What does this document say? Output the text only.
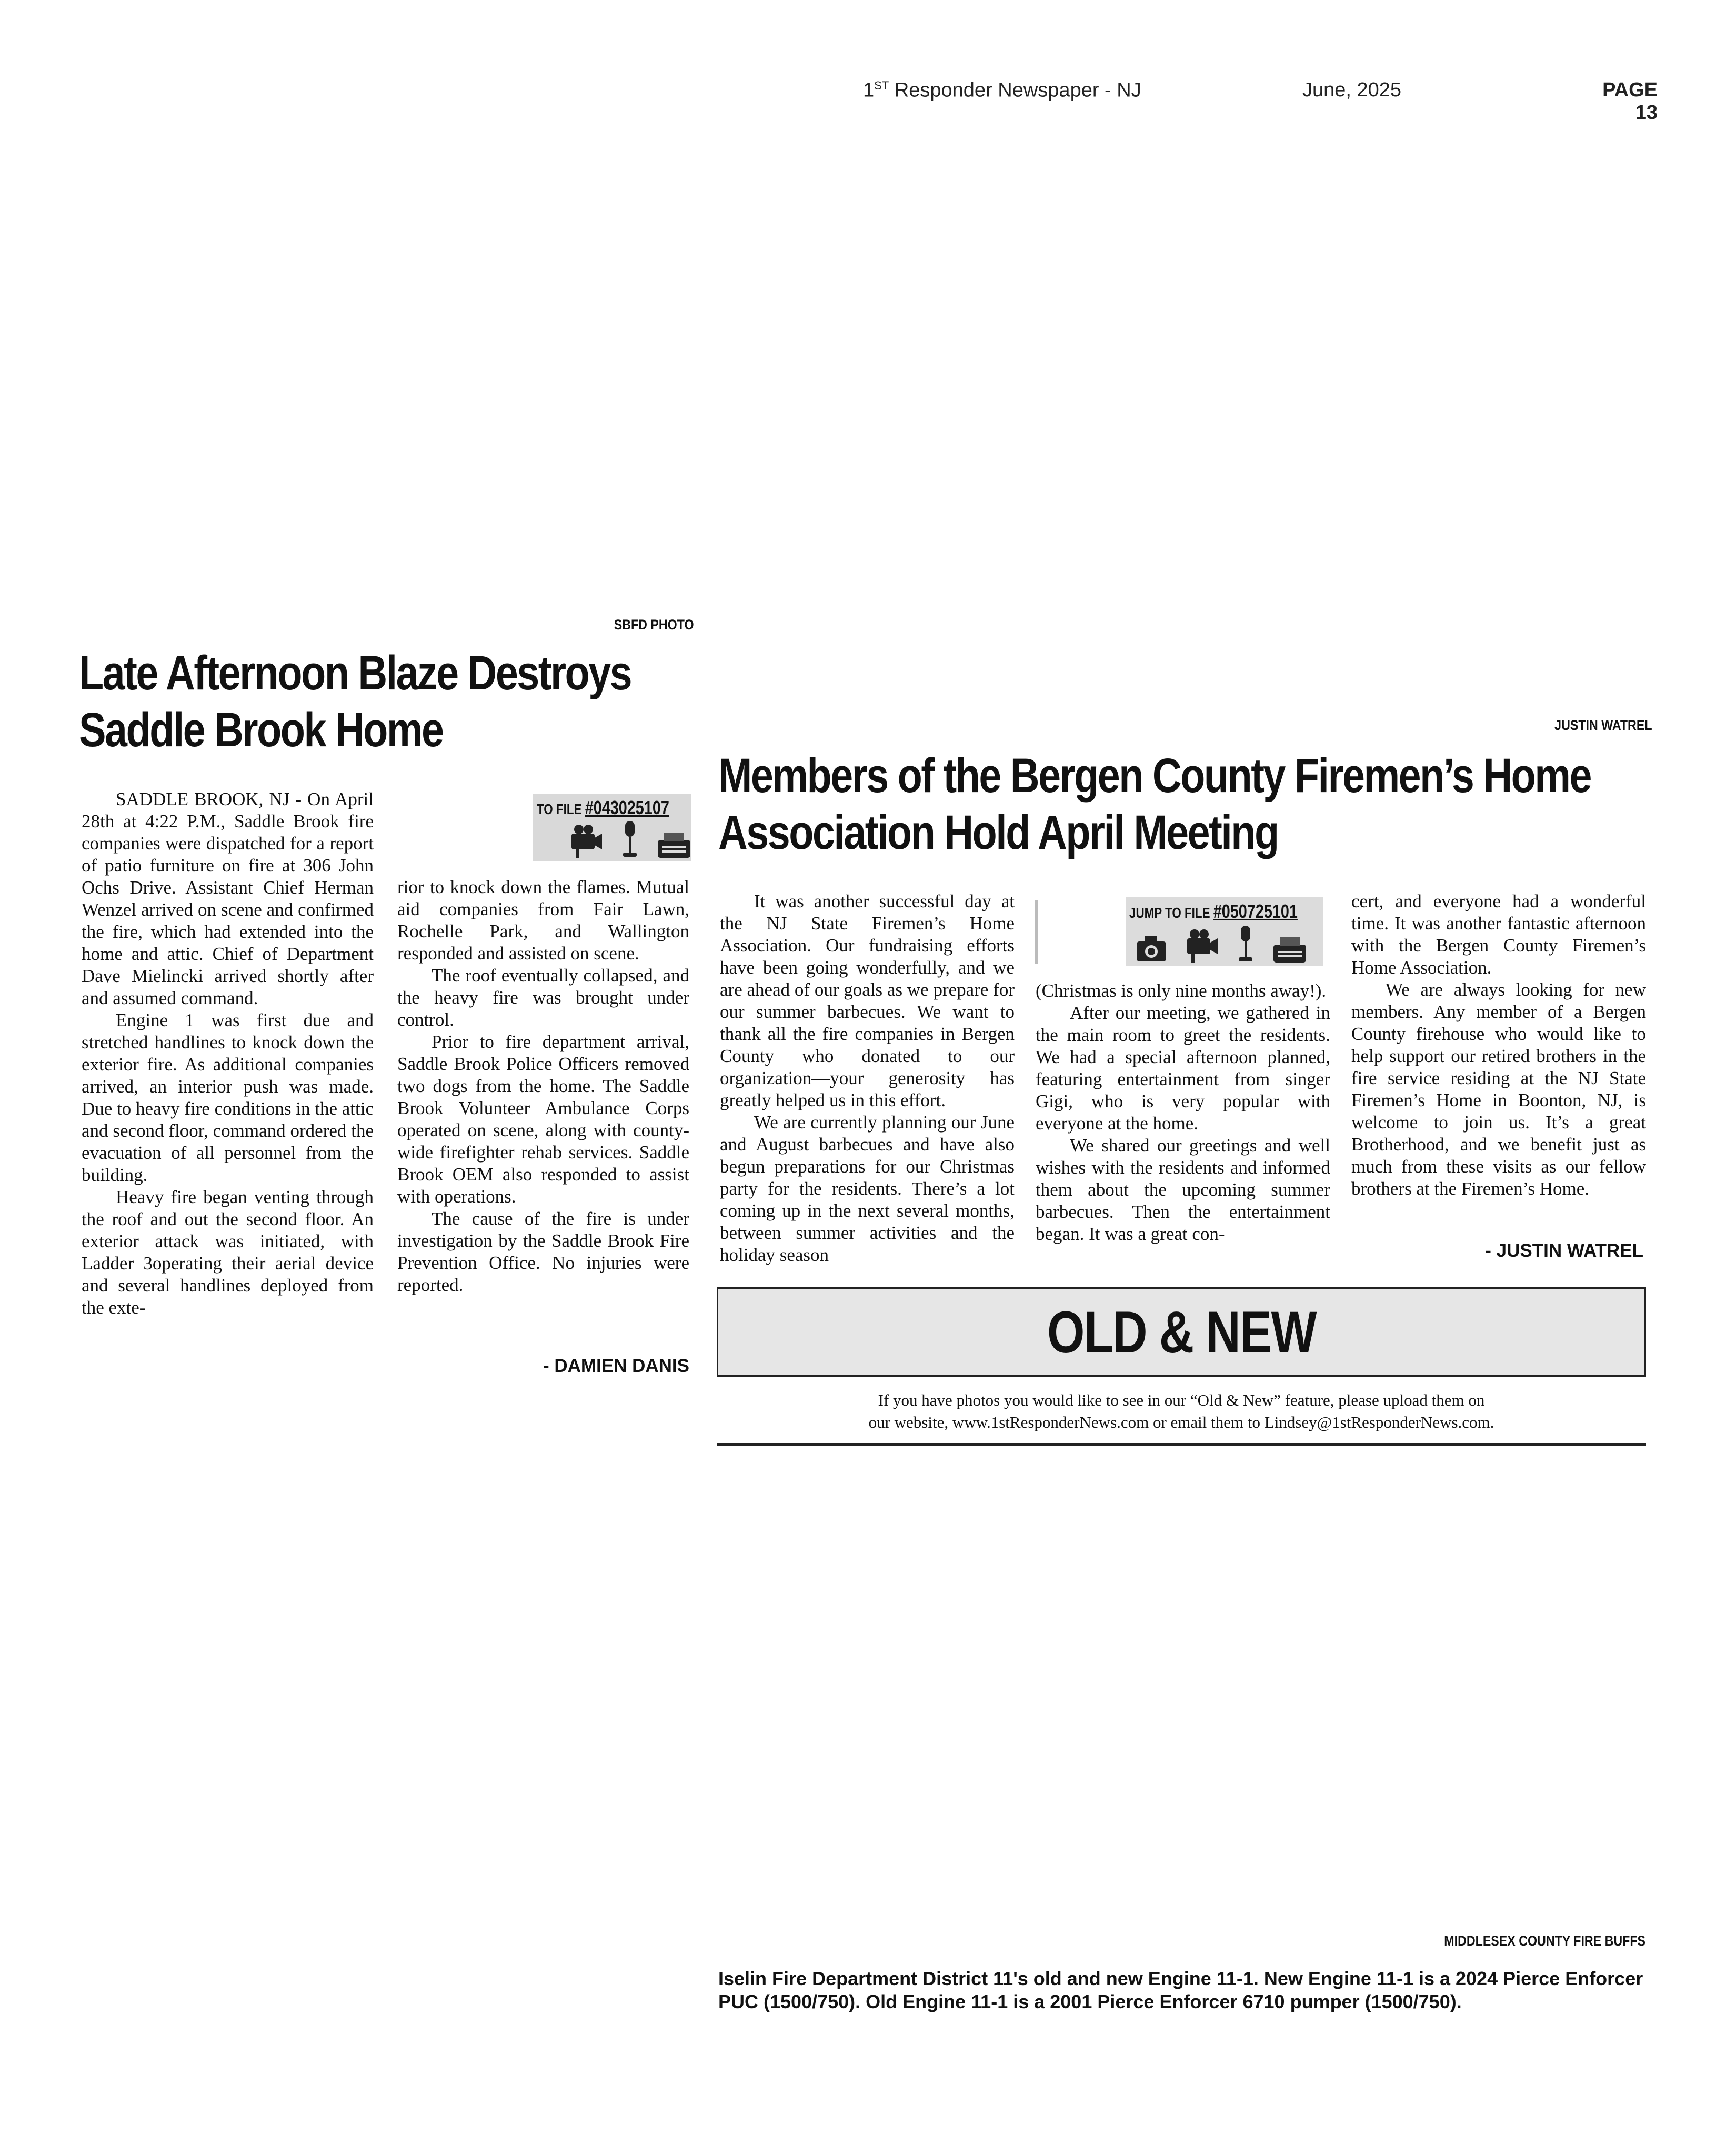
1ST Responder Newspaper - NJ	June, 2025	PAGE 13
SBFD PHOTO
Late Afternoon Blaze Destroys
Saddle Brook Home

SADDLE BROOK, NJ - On April 28th at 4:22 P.M., Saddle Brook fire companies were dispatched for a report of patio furniture on fire at 306 John Ochs Drive. Assistant Chief Herman Wenzel arrived on scene and confirmed the fire, which had extended into the home and attic. Chief of Department Dave Mielincki arrived shortly after and assumed command.

Engine 1 was first due and stretched handlines to knock down the exterior fire. As additional companies arrived, an interior push was made. Due to heavy fire conditions in the attic and second floor, command ordered the evacuation of all personnel from the building.

Heavy fire began venting through the roof and out the second floor. An exterior attack was initiated, with Ladder 3operating their aerial device and several handlines deployed from the exte-

TO FILE #043025107

rior to knock down the flames. Mutual aid companies from Fair Lawn, Rochelle Park, and Wallington responded and assisted on scene.

The roof eventually collapsed, and the heavy fire was brought under control.

Prior to fire department arrival, Saddle Brook Police Officers removed two dogs from the home. The Saddle Brook Volunteer Ambulance Corps operated on scene, along with county-wide firefighter rehab services. Saddle Brook OEM also responded to assist with operations.

The cause of the fire is under investigation by the Saddle Brook Fire Prevention Office. No injuries were reported.

- DAMIEN DANIS
JUSTIN WATREL
Members of the Bergen County Firemen’s Home
Association Hold April Meeting

It was another successful day at the NJ State Firemen’s Home Association. Our fundraising efforts have been going wonderfully, and we are ahead of our goals as we prepare for our summer barbecues. We want to thank all the fire companies in Bergen County who donated to our organization—your generosity has greatly helped us in this effort.

We are currently planning our June and August barbecues and have also begun preparations for our Christmas party for the residents. There’s a lot coming up in the next several months, between summer activities and the holiday season

JUMP TO FILE #050725101

(Christmas is only nine months away!).

After our meeting, we gathered in the main room to greet the residents. We had a special afternoon planned, featuring entertainment from singer Gigi, who is very popular with everyone at the home.

We shared our greetings and well wishes with the residents and informed them about the upcoming summer barbecues. Then the entertainment began. It was a great con-

cert, and everyone had a wonderful time. It was another fantastic afternoon with the Bergen County Firemen’s Home Association.

We are always looking for new members. Any member of a Bergen County firehouse who would like to help support our retired brothers in the fire service residing at the NJ State Firemen’s Home in Boonton, NJ, is welcome to join us. It’s a great Brotherhood, and we benefit just as much from these visits as our fellow brothers at the Firemen’s Home.

- JUSTIN WATREL
OLD & NEW
If you have photos you would like to see in our “Old & New” feature, please upload them on
our website, www.1stResponderNews.com or email them to Lindsey@1stResponderNews.com.
MIDDLESEX COUNTY FIRE BUFFS
Iselin Fire Department District 11's old and new Engine 11-1. New Engine 11-1 is a 2024 Pierce Enforcer PUC (1500/750). Old Engine 11-1 is a 2001 Pierce Enforcer 6710 pumper (1500/750).
